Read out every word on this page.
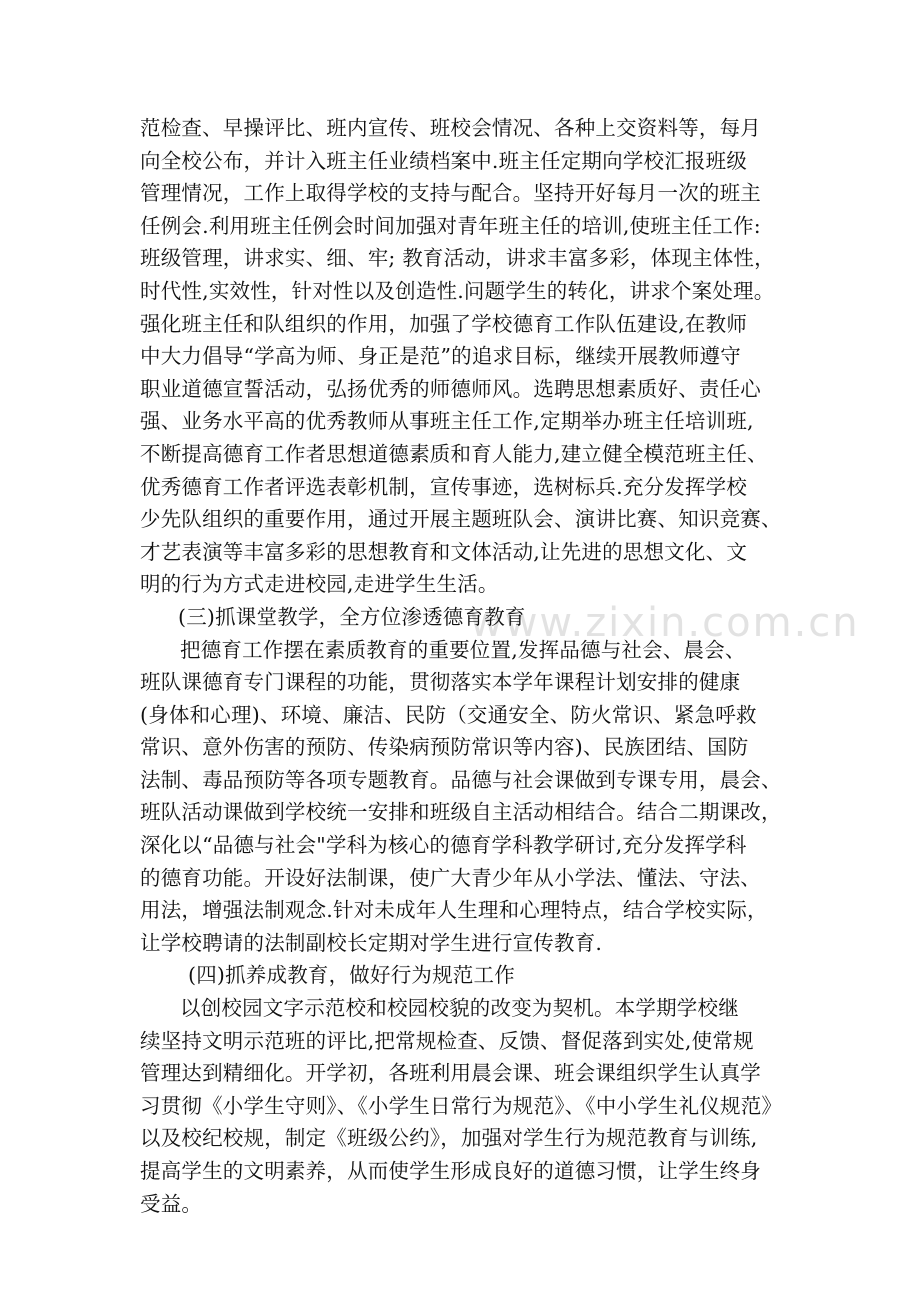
www.zixin.com.cn
范检查、早操评比、班内宣传、班校会情况、各种上交资料等，每月
向全校公布，并计入班主任业绩档案中.班主任定期向学校汇报班级
管理情况，工作上取得学校的支持与配合。坚持开好每月一次的班主
任例会.利用班主任例会时间加强对青年班主任的培训,使班主任工作:
班级管理，讲求实、细、牢; 教育活动，讲求丰富多彩，体现主体性，
时代性,实效性，针对性以及创造性.问题学生的转化，讲求个案处理。
强化班主任和队组织的作用，加强了学校德育工作队伍建设,在教师
中大力倡导“学高为师、身正是范”的追求目标，继续开展教师遵守
职业道德宣誓活动，弘扬优秀的师德师风。选聘思想素质好、责任心
强、业务水平高的优秀教师从事班主任工作,定期举办班主任培训班,
不断提高德育工作者思想道德素质和育人能力,建立健全模范班主任、
优秀德育工作者评选表彰机制，宣传事迹，选树标兵.充分发挥学校
少先队组织的重要作用，通过开展主题班队会、演讲比赛、知识竞赛、
才艺表演等丰富多彩的思想教育和文体活动,让先进的思想文化、文
明的行为方式走进校园,走进学生生活。
(三)抓课堂教学，全方位渗透德育教育
把德育工作摆在素质教育的重要位置,发挥品德与社会、晨会、
班队课德育专门课程的功能，贯彻落实本学年课程计划安排的健康
(身体和心理)、环境、廉洁、民防（交通安全、防火常识、紧急呼救
常识、意外伤害的预防、传染病预防常识等内容)、民族团结、国防
法制、毒品预防等各项专题教育。品德与社会课做到专课专用，晨会、
班队活动课做到学校统一安排和班级自主活动相结合。结合二期课改，
深化以“品德与社会"学科为核心的德育学科教学研讨,充分发挥学科
的德育功能。开设好法制课，使广大青少年从小学法、懂法、守法、
用法，增强法制观念.针对未成年人生理和心理特点，结合学校实际，
让学校聘请的法制副校长定期对学生进行宣传教育.
(四)抓养成教育，做好行为规范工作
以创校园文字示范校和校园校貌的改变为契机。本学期学校继
续坚持文明示范班的评比,把常规检查、反馈、督促落到实处,使常规
管理达到精细化。开学初，各班利用晨会课、班会课组织学生认真学
习贯彻《小学生守则》、《小学生日常行为规范》、《中小学生礼仪规范》
以及校纪校规，制定《班级公约》，加强对学生行为规范教育与训练,
提高学生的文明素养，从而使学生形成良好的道德习惯，让学生终身
受益。
